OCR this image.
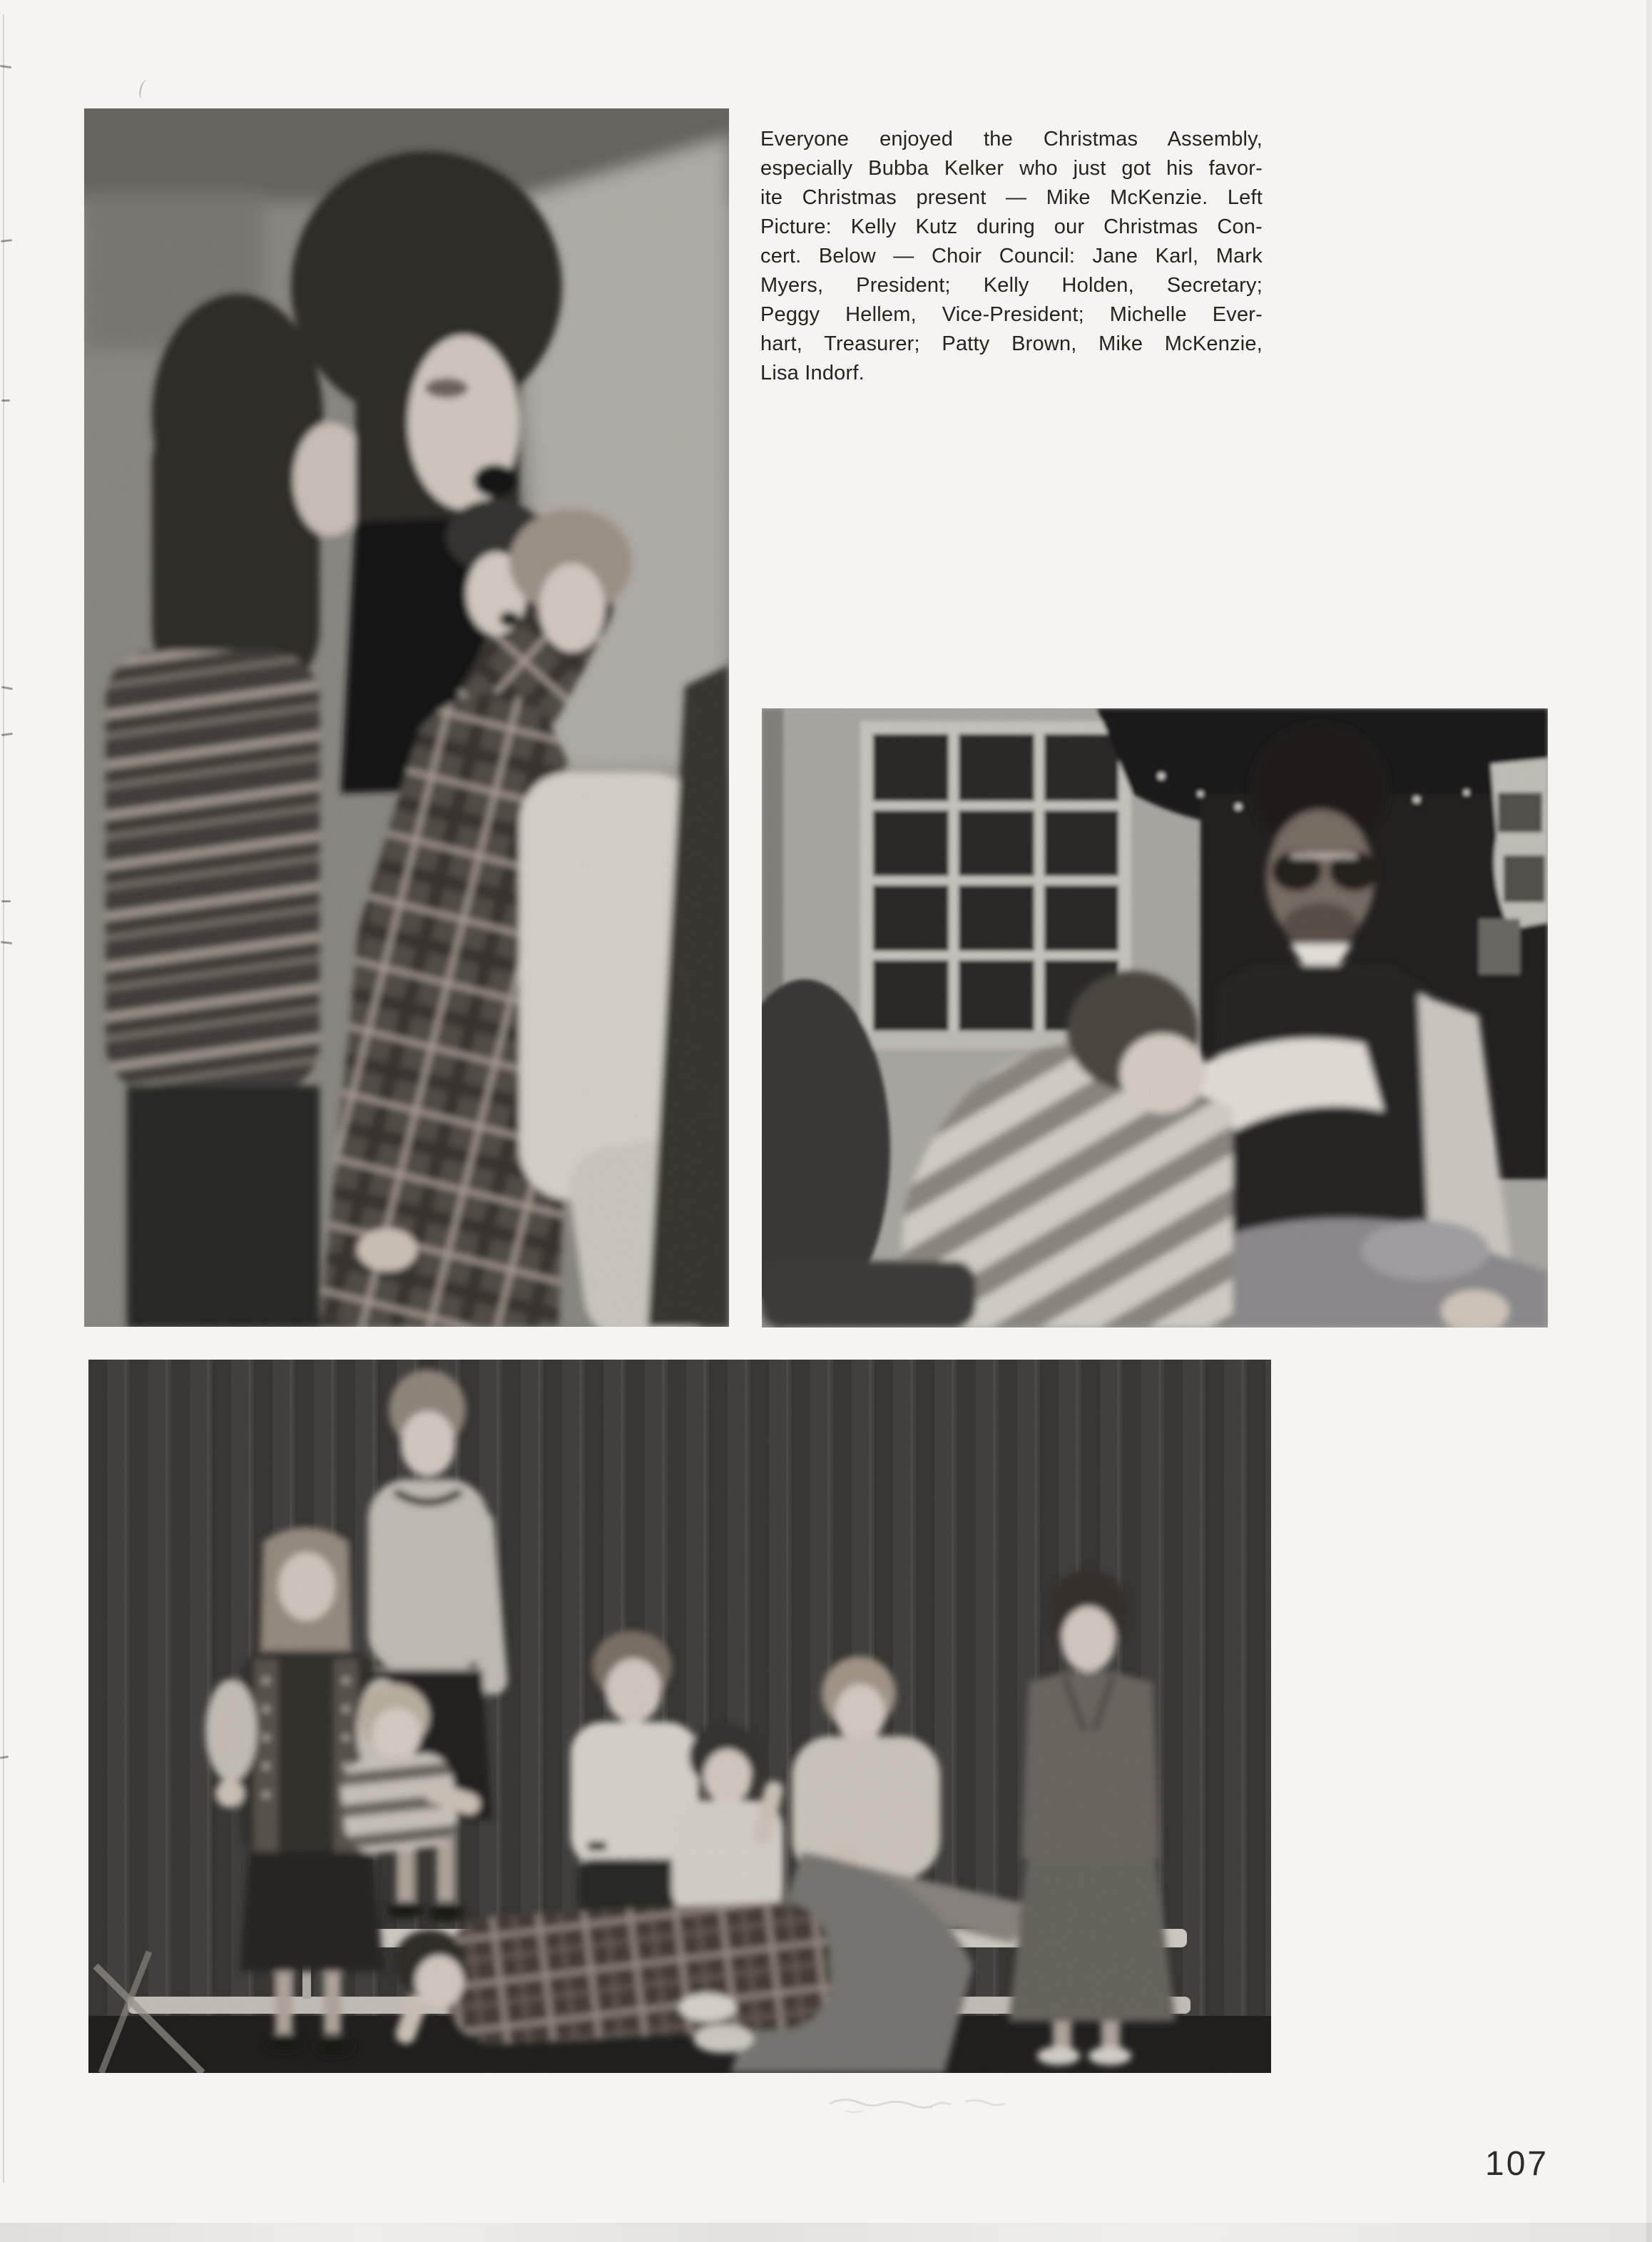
Everyone enjoyed the Christmas Assembly,
especially Bubba Kelker who just got his favor-
ite Christmas present — Mike McKenzie. Left
Picture: Kelly Kutz during our Christmas Con-
cert. Below — Choir Council: Jane Karl, Mark
Myers, President; Kelly Holden, Secretary;
Peggy Hellem, Vice-President; Michelle Ever-
hart, Treasurer; Patty Brown, Mike McKenzie,
Lisa Indorf.
107
